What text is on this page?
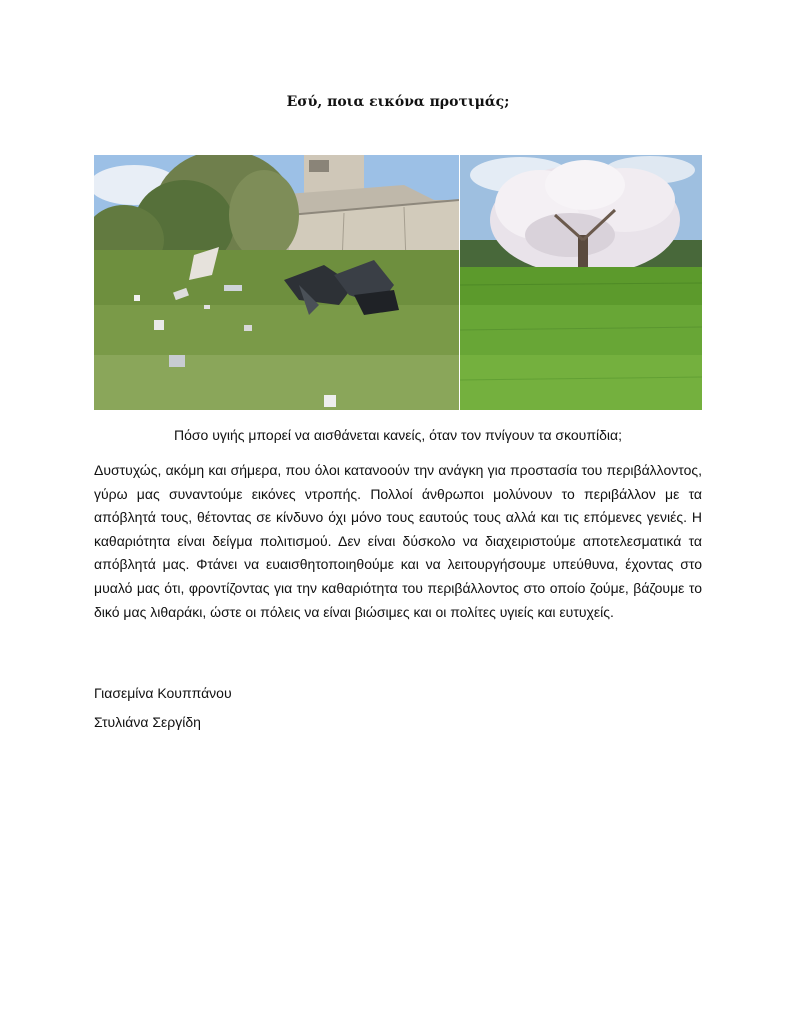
Εσύ, ποια εικόνα προτιμάς;
Πόσο υγιής μπορεί να αισθάνεται κανείς, όταν τον πνίγουν τα σκουπίδια;

Δυστυχώς, ακόμη και σήμερα, που όλοι κατανοούν την ανάγκη για προστασία του περιβάλλοντος, γύρω μας συναντούμε εικόνες ντροπής. Πολλοί άνθρωποι μολύνουν το περιβάλλον με τα απόβλητά τους, θέτοντας σε κίνδυνο όχι μόνο τους εαυτούς τους αλλά και τις επόμενες γενιές. Η καθαριότητα είναι δείγμα πολιτισμού. Δεν είναι δύσκολο να διαχειριστούμε αποτελεσματικά τα απόβλητά μας. Φτάνει να ευαισθητοποιηθούμε και να λειτουργήσουμε υπεύθυνα, έχοντας στο μυαλό μας ότι, φροντίζοντας για την καθαριότητα του περιβάλλοντος στο οποίο ζούμε, βάζουμε το δικό μας λιθαράκι, ώστε οι πόλεις να είναι βιώσιμες και οι πολίτες υγιείς και ευτυχείς.

Γιασεμίνα Κουππάνου
Στυλιάνα Σεργίδη
